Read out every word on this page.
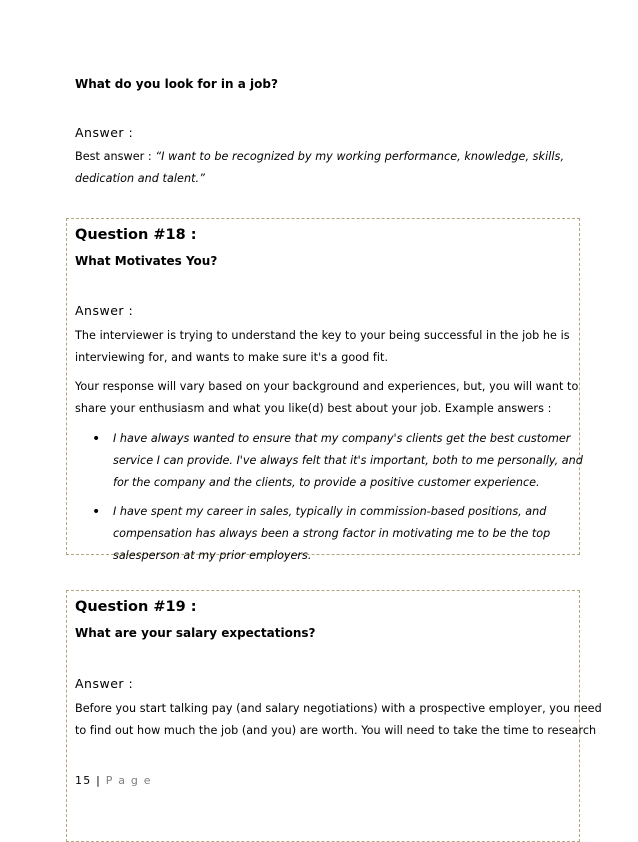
What do you look for in a job?
Answer :
Best answer : “I want to be recognized by my working performance, knowledge, skills,
dedication and talent.”
Question #18 :
What Motivates You?
Answer :
The interviewer is trying to understand the key to your being successful in the job he is
interviewing for, and wants to make sure it's a good fit.
Your response will vary based on your background and experiences, but, you will want to
share your enthusiasm and what you like(d) best about your job. Example answers :
• I have always wanted to ensure that my company's clients get the best customer
service I can provide. I've always felt that it's important, both to me personally, and
for the company and the clients, to provide a positive customer experience.
• I have spent my career in sales, typically in commission-based positions, and
compensation has always been a strong factor in motivating me to be the top
salesperson at my prior employers.
Question #19 :
What are your salary expectations?
Answer :
Before you start talking pay (and salary negotiations) with a prospective employer, you need
to find out how much the job (and you) are worth. You will need to take the time to research
15 | P a g e
